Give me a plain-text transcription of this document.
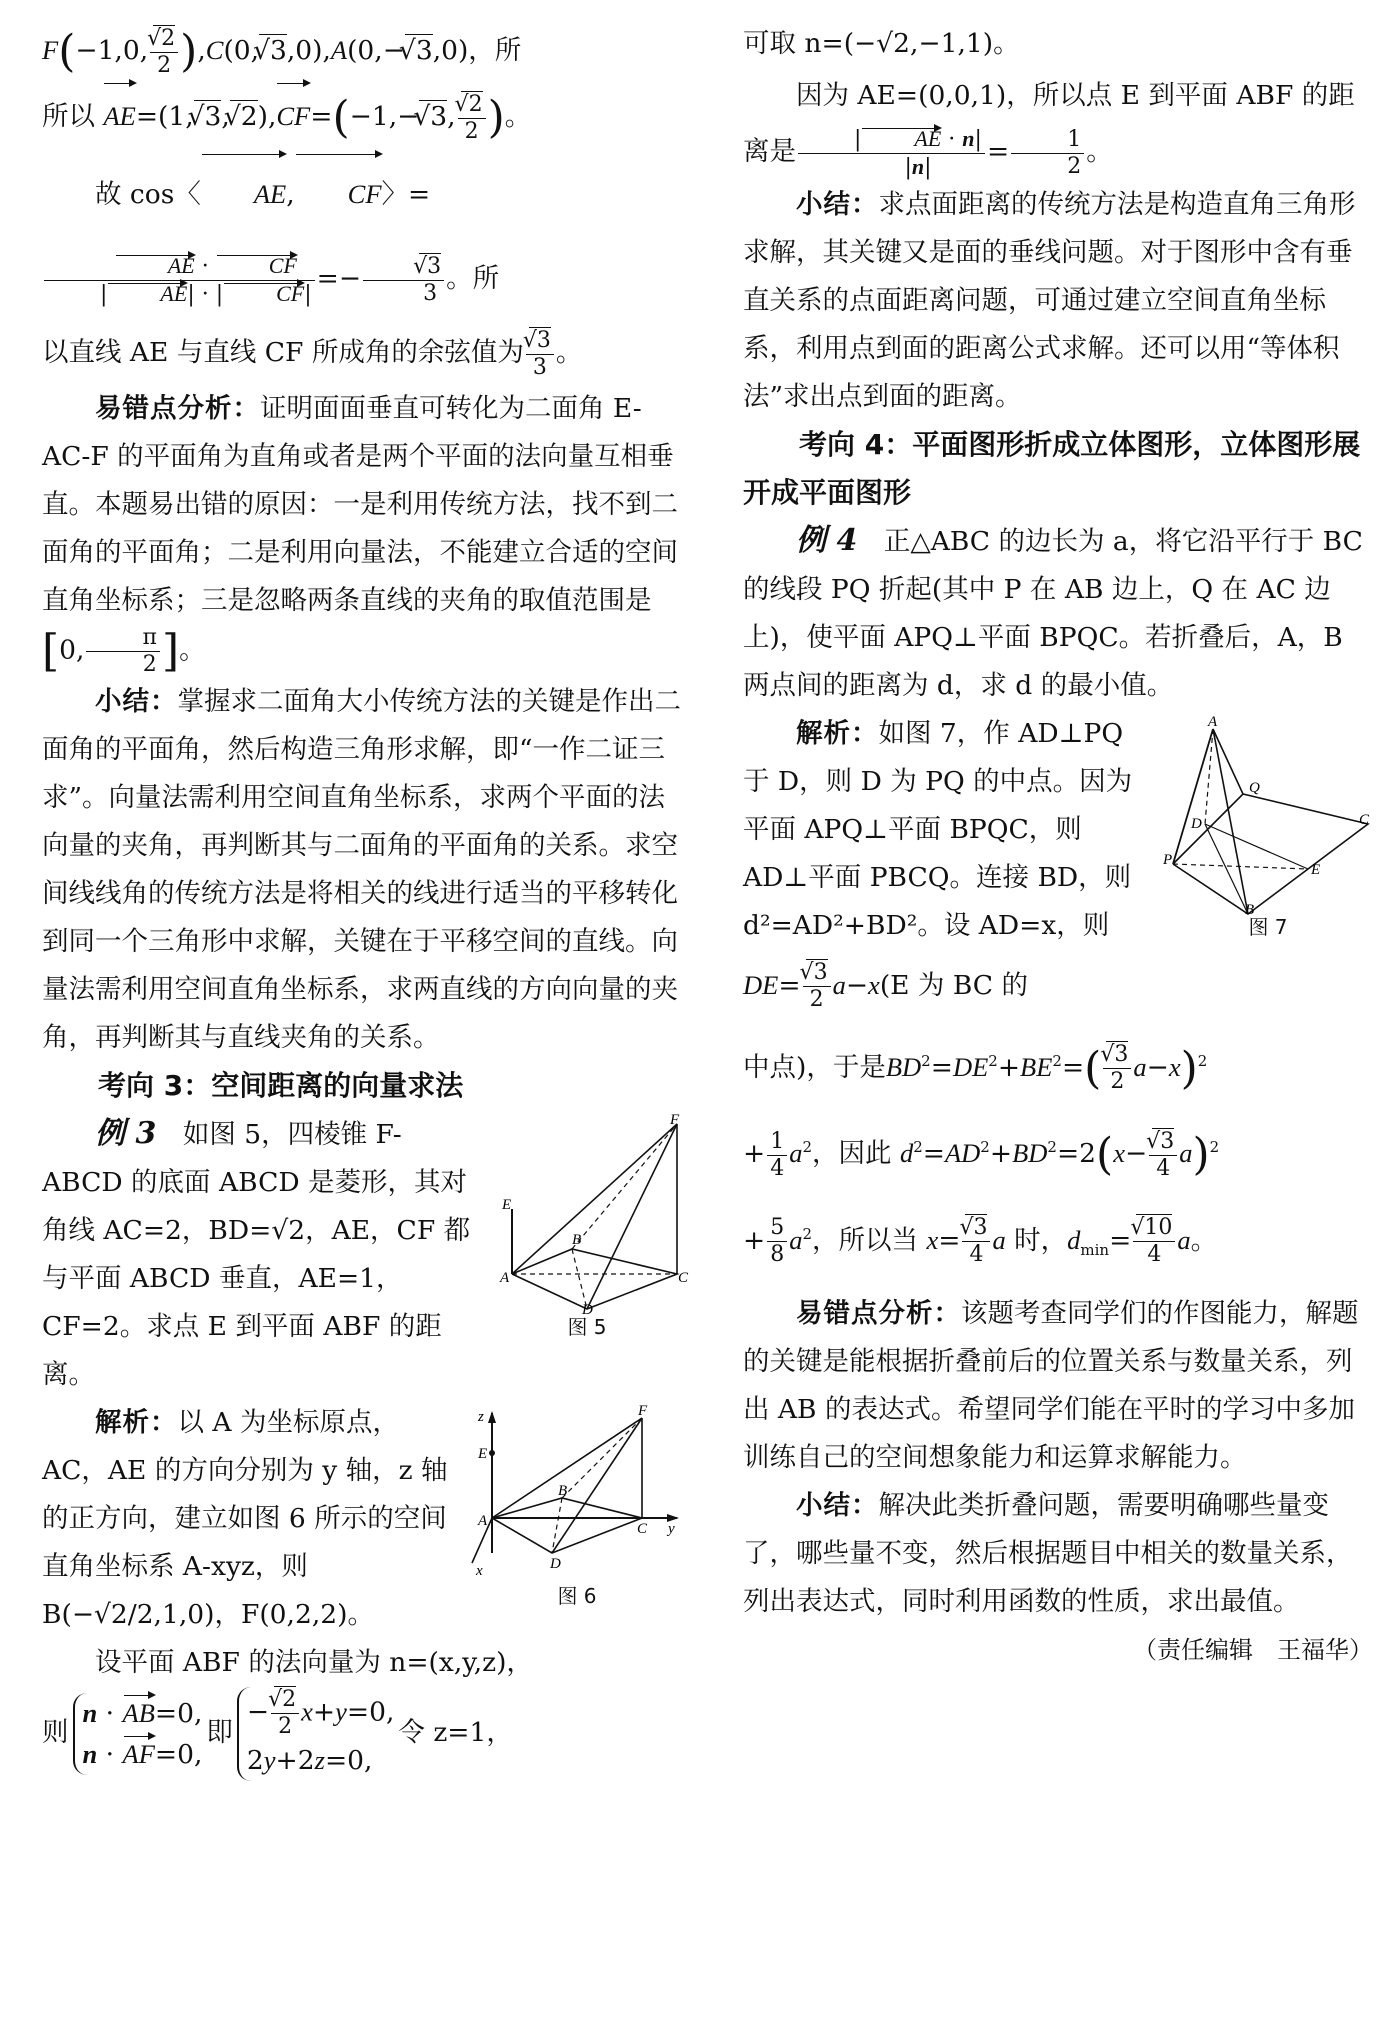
F(−1,0,
√ $\frac{2}{2} ),C(0,√$ 3,0),A(0,−√ 3,0)，所

所以 AE=(1,√ 3,√ 2),CF=(−1,−√ 3,
√ $\frac{2}{2}$ )。

故 cos〈 AE, CF〉=
$\frac{AE \cdot CF}{| AE| \cdot | CF|}$ =−
√ $\frac{3}{3}$ 。所

以直线 AE 与直线 CF 所成角的余弦值为
√ $\frac{3}{3}$ 。

易错点分析：证明面面垂直可转化为二面角 E-AC-F 的平面角为直角或者是两个平面的法向量互相垂直。本题易出错的原因：一是利用传统方法，找不到二面角的平面角；二是利用向量法，不能建立合适的空间直角坐标系；三是忽略两条直线的夹角的取值范围是[0, $\frac{\pi}{2}$ ]。

小结：掌握求二面角大小传统方法的关键是作出二面角的平面角，然后构造三角形求解，即“一作二证三求”。向量法需利用空间直角坐标系，求两个平面的法向量的夹角，再判断其与二面角的平面角的关系。求空间线线角的传统方法是将相关的线进行适当的平移转化到同一个三角形中求解，关键在于平移空间的直线。向量法需利用空间直角坐标系，求两直线的方向向量的夹角，再判断其与直线夹角的关系。

考向 3：空间距离的向量求法

E
F
A
B
C
D
图 5

例 3　 如图 5，四棱锥 F-ABCD 的底面 ABCD 是菱形，其对角线 AC=2，BD=√2，AE，CF 都与平面 ABCD 垂直，AE=1，CF=2。求点 E 到平面 ABF 的距离。

z
E
F
A
B
C y
D
x
图 6

解析：以 A 为坐标原点，AC，AE 的方向分别为 y 轴，z 轴的正方向，建立如图 6 所示的空间直角坐标系 A-xyz，则 B(−√2/2,1,0)，F(0,2,2)。

设平面 ABF 的法向量为 n=(x,y,z)，

则n · AB=0,
n · AF=0,即−
√ $\frac{2}{2} x+y=0$,
2y+2z=0,令 z=1，

可取 n=(−√2,−1,1)。

因为 AE=(0,0,1)，所以点 E 到平面 ABF 的距离是 $\frac{| AE \cdot n|}{|n|} = \frac{1}{2}$ 。

小结：求点面距离的传统方法是构造直角三角形求解，其关键又是面的垂线问题。对于图形中含有垂直关系的点面距离问题，可通过建立空间直角坐标系，利用点到面的距离公式求解。还可以用“等体积法”求出点到面的距离。

考向 4：平面图形折成立体图形，立体图形展开成平面图形

例 4　 正△ABC 的边长为 a，将它沿平行于 BC 的线段 PQ 折起(其中 P 在 AB 边上，Q 在 AC 边上)，使平面 APQ⊥平面 BPQC。若折叠后，A，B 两点间的距离为 d，求 d 的最小值。

A
Q
C
D
P
E
B
图 7

解析：如图 7，作 AD⊥PQ 于 D，则 D 为 PQ 的中点。因为平面 APQ⊥平面 BPQC，则 AD⊥平面 PBCQ。连接 BD，则 d²=AD²+BD²。设 AD=x，则

DE=
√ $\frac{3}{2} a-x(E$ 为 BC 的

中点)，于是$BD^2=DE^2+BE^2=$(
√ $\frac{3}{2} a-x)^2$

+ $\frac{1}{4} a^2$，因此 $d^2=AD^2+BD^2=2(x-$
√ $\frac{3}{4} a)^2$

+ $\frac{5}{8} a^2$，所以当 x=
√ $\frac{3}{4}$ a 时，$d_{min}=$
√ $\frac{10}{4}$ a。

易错点分析：该题考查同学们的作图能力，解题的关键是能根据折叠前后的位置关系与数量关系，列出 AB 的表达式。希望同学们能在平时的学习中多加训练自己的空间想象能力和运算求解能力。

小结：解决此类折叠问题，需要明确哪些量变了，哪些量不变，然后根据题目中相关的数量关系，列出表达式，同时利用函数的性质，求出最值。

（责任编辑　王福华）
